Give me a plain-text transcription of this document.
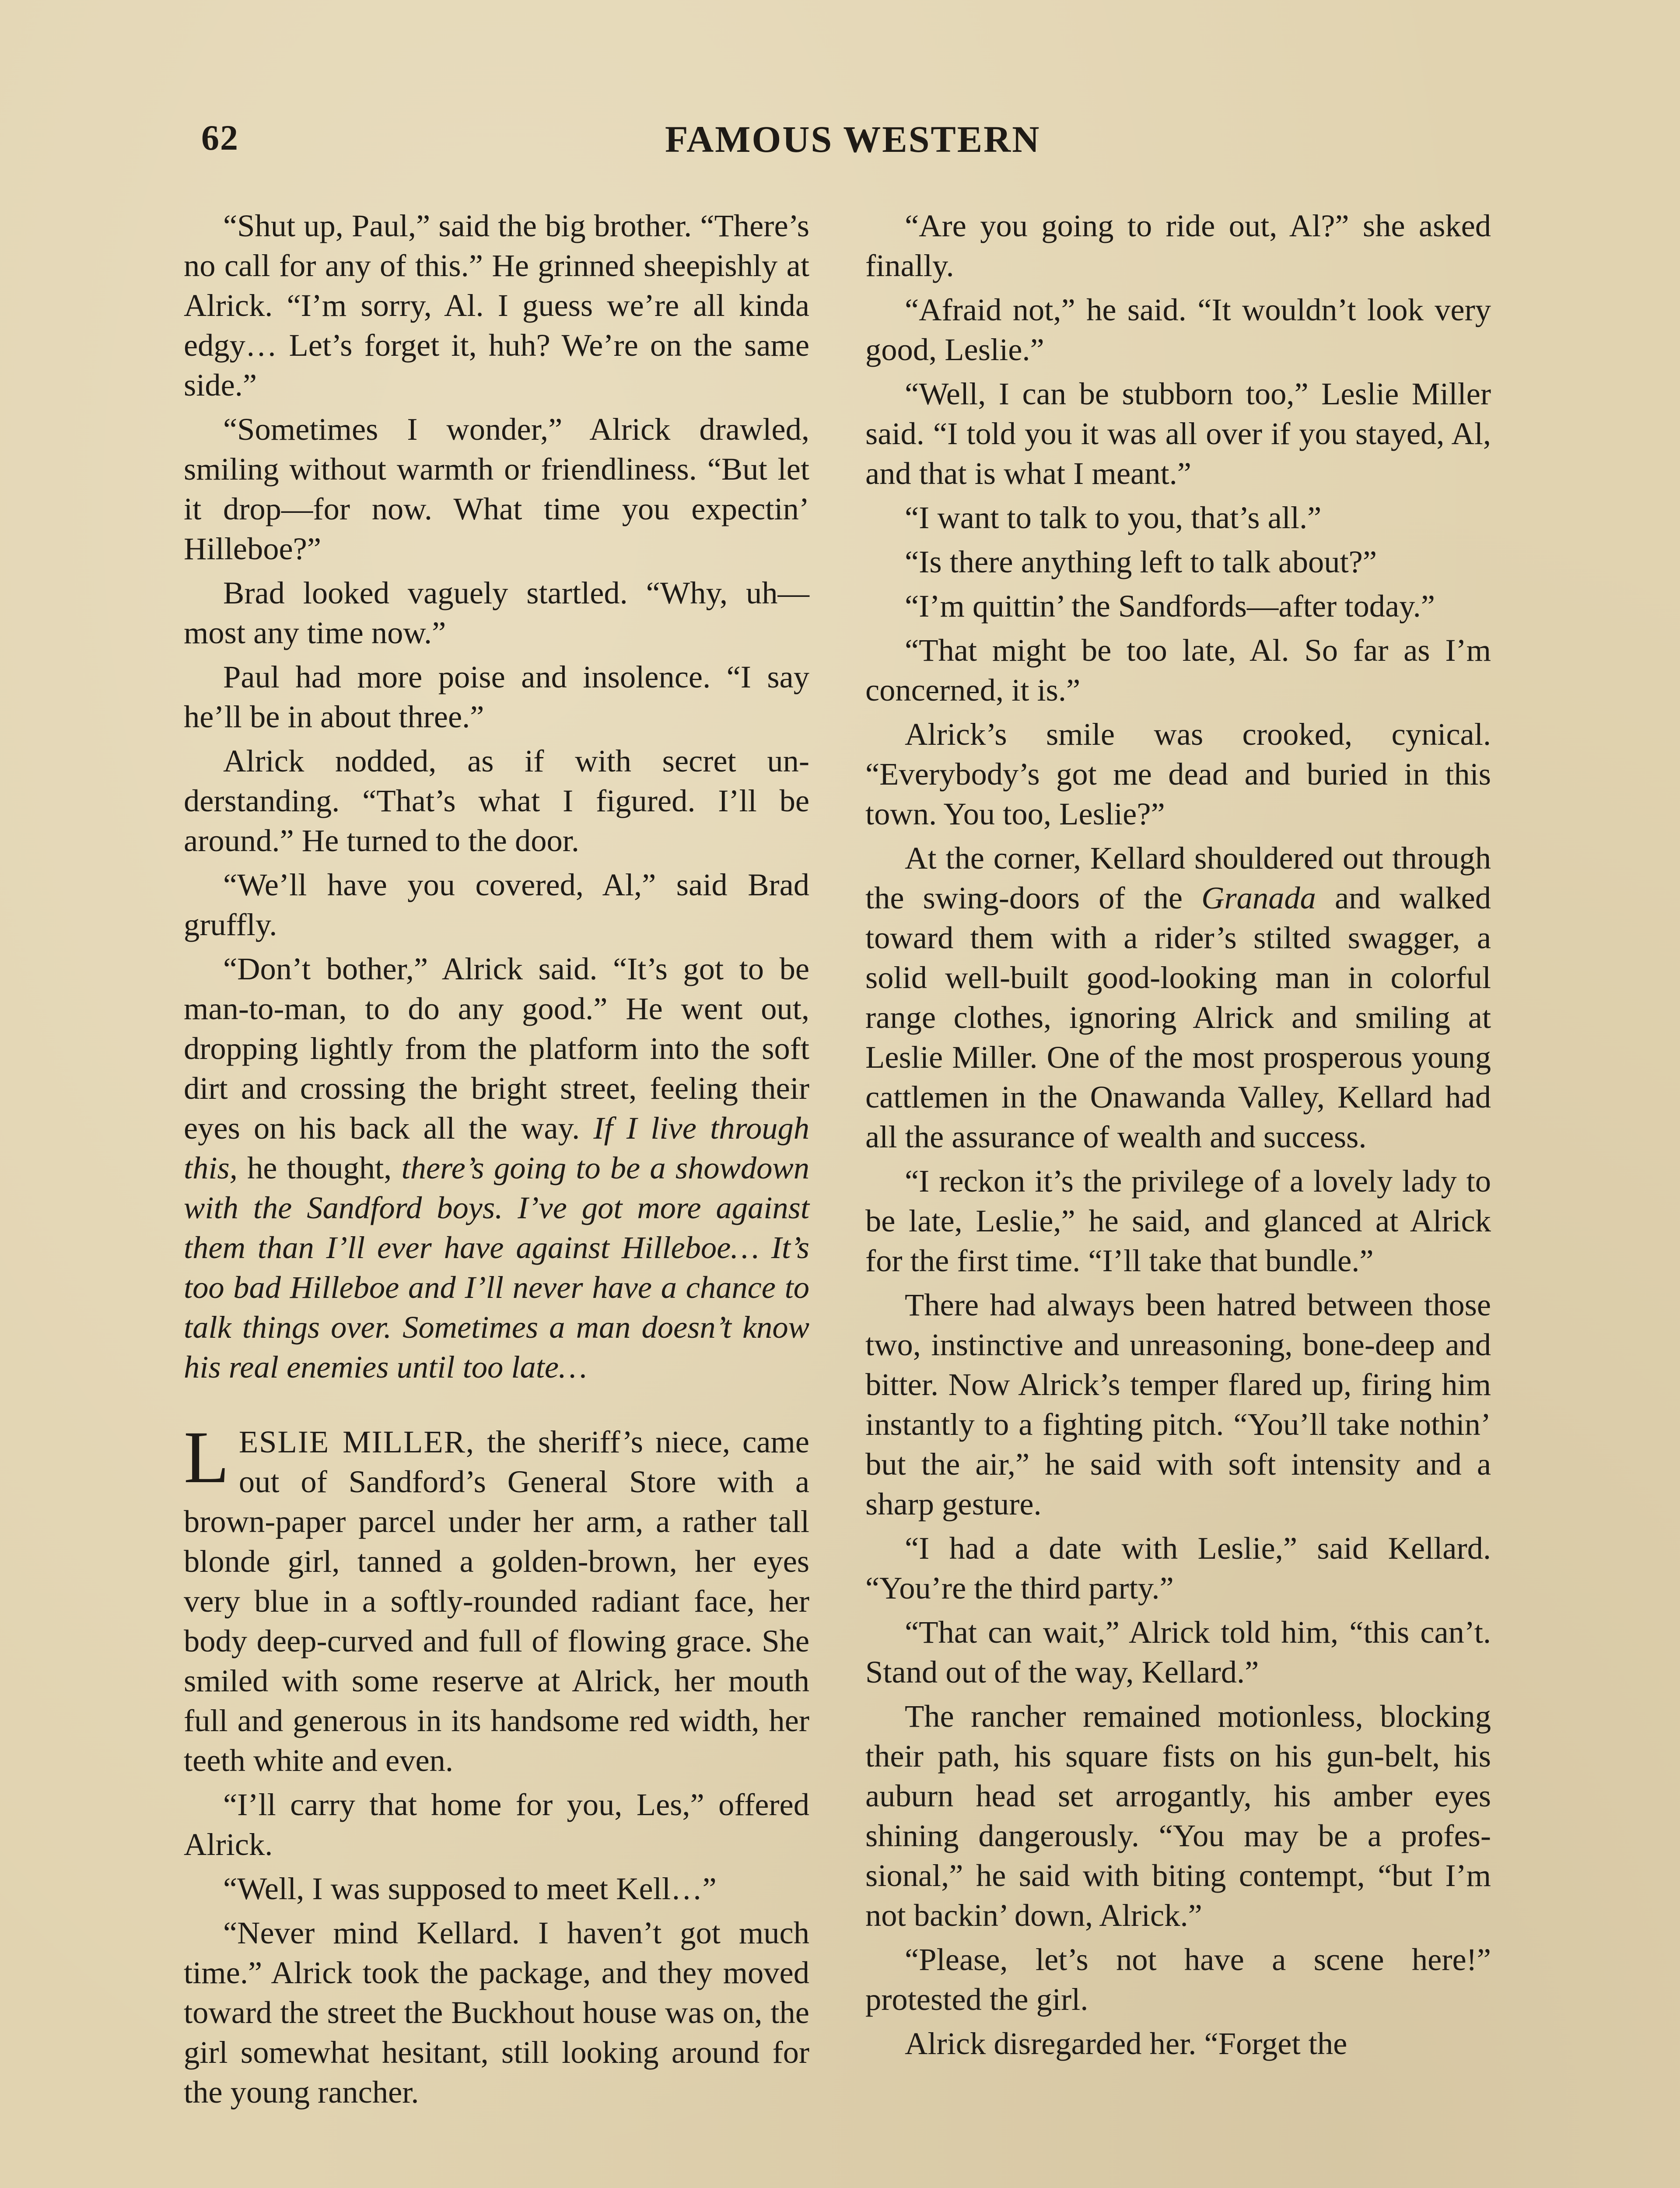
62	FAMOUS WESTERN

“Shut up, Paul,” said the big brother. “There’s no call for any of this.” He grinned sheepishly at Alrick. “I’m sorry, Al. I guess we’re all kinda edgy… Let’s forget it, huh? We’re on the same side.”

“Sometimes I wonder,” Alrick drawled, smiling without warmth or friendliness. “But let it drop—for now. What time you expectin’ Hilleboe?”

Brad looked vaguely startled. “Why, uh—most any time now.”

Paul had more poise and insolence. “I say he’ll be in about three.”

Alrick nodded, as if with secret understanding. “That’s what I figured. I’ll be around.” He turned to the door.

“We’ll have you covered, Al,” said Brad gruffly.

“Don’t bother,” Alrick said. “It’s got to be man-to-man, to do any good.” He went out, dropping lightly from the platform into the soft dirt and crossing the bright street, feeling their eyes on his back all the way. If I live through this, he thought, there’s going to be a showdown with the Sandford boys. I’ve got more against them than I’ll ever have against Hilleboe… It’s too bad Hilleboe and I’ll never have a chance to talk things over. Sometimes a man doesn’t know his real enemies until too late…

LESLIE MILLER, the sheriff’s niece, came out of Sandford’s General Store with a brown-paper parcel under her arm, a rather tall blonde girl, tanned a golden-brown, her eyes very blue in a softly-rounded radiant face, her body deep-curved and full of flowing grace. She smiled with some reserve at Alrick, her mouth full and generous in its handsome red width, her teeth white and even.

“I’ll carry that home for you, Les,” offered Alrick.

“Well, I was supposed to meet Kell…”

“Never mind Kellard. I haven’t got much time.” Alrick took the package, and they moved toward the street the Buckhout house was on, the girl somewhat hesitant, still looking around for the young rancher.

“Are you going to ride out, Al?” she asked finally.

“Afraid not,” he said. “It wouldn’t look very good, Leslie.”

“Well, I can be stubborn too,” Leslie Miller said. “I told you it was all over if you stayed, Al, and that is what I meant.”

“I want to talk to you, that’s all.”

“Is there anything left to talk about?”

“I’m quittin’ the Sandfords—after today.”

“That might be too late, Al. So far as I’m concerned, it is.”

Alrick’s smile was crooked, cynical. “Everybody’s got me dead and buried in this town. You too, Leslie?”

At the corner, Kellard shouldered out through the swing-doors of the Granada and walked toward them with a rider’s stilted swagger, a solid well-built good-looking man in colorful range clothes, ignoring Alrick and smiling at Leslie Miller. One of the most prosperous young cattlemen in the Onawanda Valley, Kellard had all the assurance of wealth and success.

“I reckon it’s the privilege of a lovely lady to be late, Leslie,” he said, and glanced at Alrick for the first time. “I’ll take that bundle.”

There had always been hatred between those two, instinctive and unreasoning, bone-deep and bitter. Now Alrick’s temper flared up, firing him instantly to a fighting pitch. “You’ll take nothin’ but the air,” he said with soft intensity and a sharp gesture.

“I had a date with Leslie,” said Kellard. “You’re the third party.”

“That can wait,” Alrick told him, “this can’t. Stand out of the way, Kellard.”

The rancher remained motionless, blocking their path, his square fists on his gun-belt, his auburn head set arrogantly, his amber eyes shining dangerously. “You may be a professional,” he said with biting contempt, “but I’m not backin’ down, Alrick.”

“Please, let’s not have a scene here!” protested the girl.

Alrick disregarded her. “Forget the
